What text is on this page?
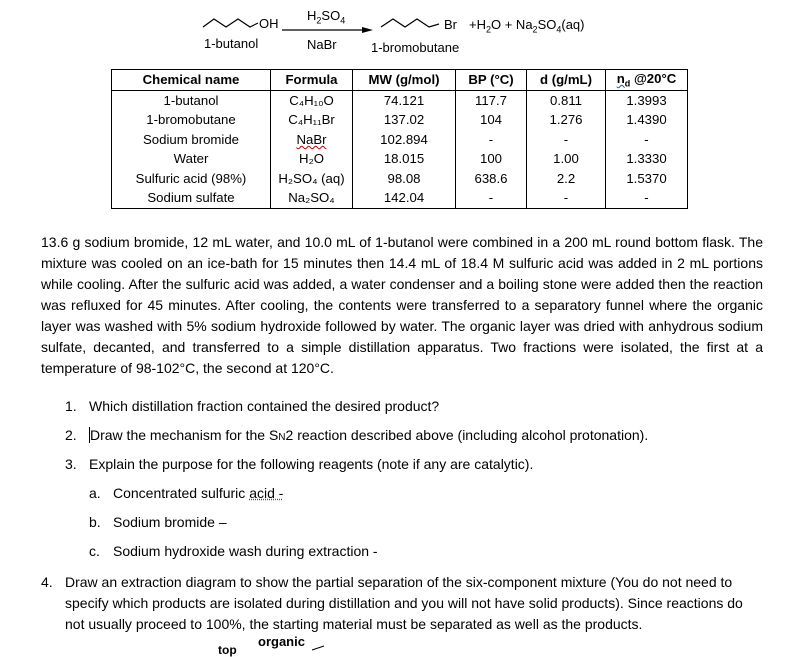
OH
1-butanol
$H_2SO_4$
NaBr
Br
1-bromobutane
$+H_2O + Na_2SO_4(aq)$
Chemical name	Formula	MW (g/mol)	BP (°C)	d (g/mL)	$n_d$ @20°C
1-butanol	C₄H₁₀O	74.121	117.7	0.811	1.3993
1-bromobutane	C₄H₁₁Br	137.02	104	1.276	1.4390
Sodium bromide	NaBr	102.894	-	-	-
Water	H₂O	18.015	100	1.00	1.3330
Sulfuric acid (98%)	H₂SO₄ (aq)	98.08	638.6	2.2	1.5370
Sodium sulfate	Na₂SO₄	142.04	-	-	-

13.6 g sodium bromide, 12 mL water, and 10.0 mL of 1-butanol were combined in a 200 mL round bottom flask. The mixture was cooled on an ice-bath for 15 minutes then 14.4 mL of 18.4 M sulfuric acid was added in 2 mL portions while cooling. After the sulfuric acid was added, a water condenser and a boiling stone were added then the reaction was refluxed for 45 minutes. After cooling, the contents were transferred to a separatory funnel where the organic layer was washed with 5% sodium hydroxide followed by water. The organic layer was dried with anhydrous sodium sulfate, decanted, and transferred to a simple distillation apparatus. Two fractions were isolated, the first at a temperature of 98-102°C, the second at 120°C.

1. Which distillation fraction contained the desired product?
2. Draw the mechanism for the SN2 reaction described above (including alcohol protonation).
3. Explain the purpose for the following reagents (note if any are catalytic).
a. Concentrated sulfuric acid -
b. Sodium bromide –
c. Sodium hydroxide wash during extraction -
4. Draw an extraction diagram to show the partial separation of the six-component mixture (You do not need to specify which products are isolated during distillation and you will not have solid products). Since reactions do not usually proceed to 100%, the starting material must be separated as well as the products.
organic
top
